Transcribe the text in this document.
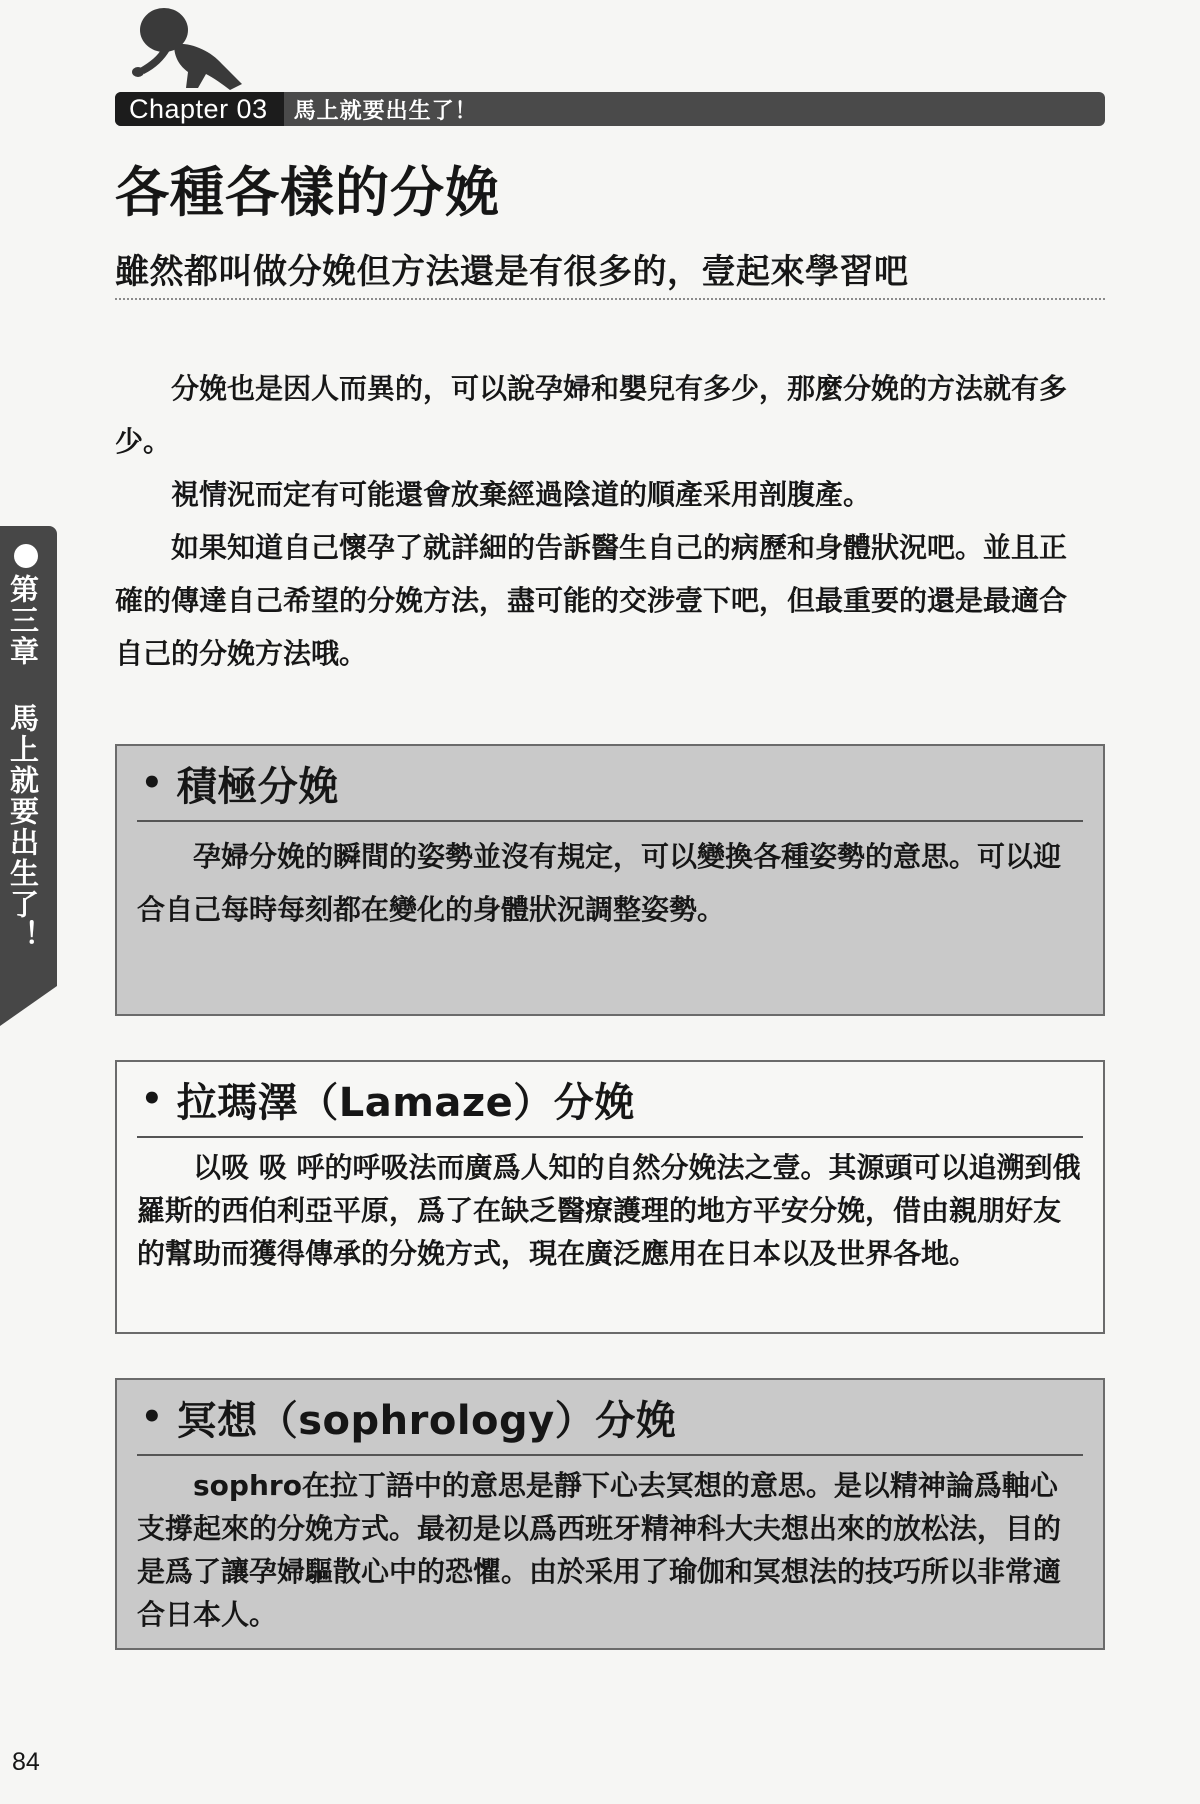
Chapter 03	馬上就要出生了！
各種各樣的分娩
雖然都叫做分娩但方法還是有很多的，壹起來學習吧

分娩也是因人而異的，可以說孕婦和嬰兒有多少，那麼分娩的方法就有多少。

視情況而定有可能還會放棄經過陰道的順產采用剖腹產。

如果知道自己懷孕了就詳細的告訴醫生自己的病歷和身體狀況吧。並且正確的傳達自己希望的分娩方法，盡可能的交涉壹下吧，但最重要的還是最適合自己的分娩方法哦。

第三章 馬上就要出生了！	• 積極分娩

孕婦分娩的瞬間的姿勢並沒有規定，可以變換各種姿勢的意思。可以迎合自己每時每刻都在變化的身體狀況調整姿勢。

• 拉瑪澤（Lamaze）分娩

以吸 吸 呼的呼吸法而廣爲人知的自然分娩法之壹。其源頭可以追溯到俄羅斯的西伯利亞平原，爲了在缺乏醫療護理的地方平安分娩，借由親朋好友的幫助而獲得傳承的分娩方式，現在廣泛應用在日本以及世界各地。

• 冥想（sophrology）分娩

sophro在拉丁語中的意思是靜下心去冥想的意思。是以精神論爲軸心支撐起來的分娩方式。最初是以爲西班牙精神科大夫想出來的放松法，目的是爲了讓孕婦驅散心中的恐懼。由於采用了瑜伽和冥想法的技巧所以非常適合日本人。

84
